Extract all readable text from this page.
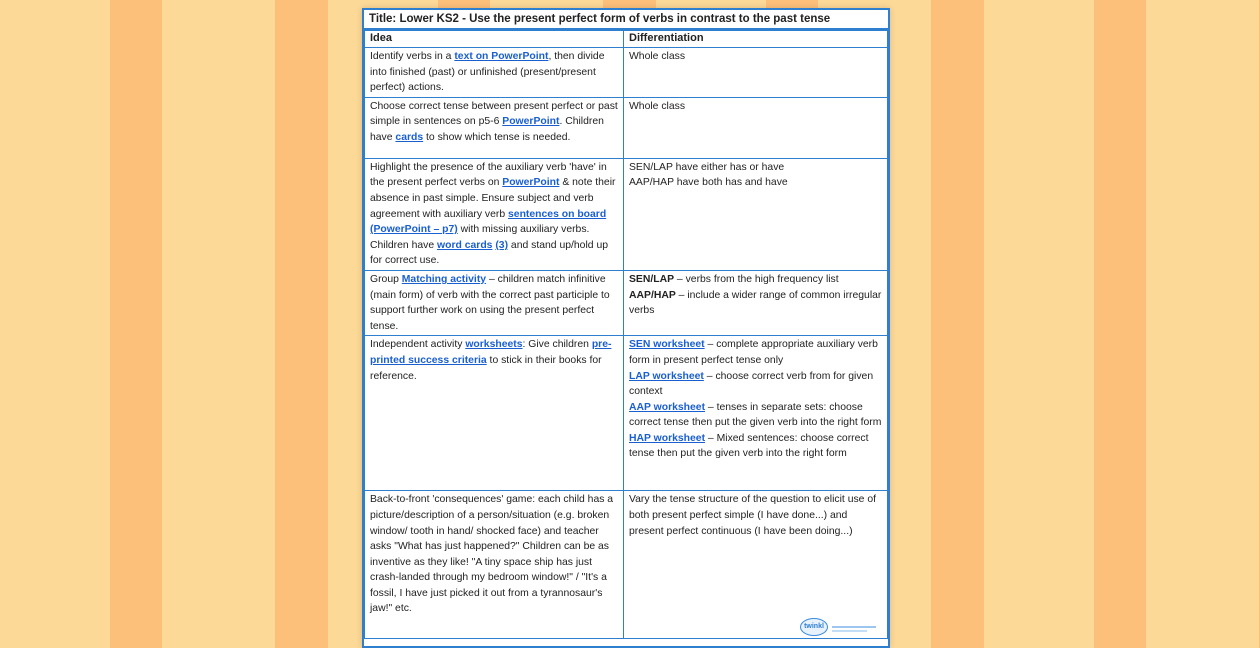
Title: Lower KS2 - Use the present perfect form of verbs in contrast to the past tense
Idea	Differentiation
Identify verbs in a text on PowerPoint, then divide into finished (past) or unfinished (present/present perfect) actions.	Whole class
Choose correct tense between present perfect or past simple in sentences on p5-6 PowerPoint. Children have cards to show which tense is needed.	Whole class
Highlight the presence of the auxiliary verb 'have' in the present perfect verbs on PowerPoint & note their absence in past simple. Ensure subject and verb agreement with auxiliary verb sentences on board (PowerPoint – p7) with missing auxiliary verbs. Children have word cards (3) and stand up/hold up for correct use.	SEN/LAP have either has or have
AAP/HAP have both has and have
Group Matching activity – children match infinitive (main form) of verb with the correct past participle to support further work on using the present perfect tense.	SEN/LAP – verbs from the high frequency list
AAP/HAP – include a wider range of common irregular verbs
Independent activity worksheets: Give children pre-printed success criteria to stick in their books for reference.	SEN worksheet – complete appropriate auxiliary verb form in present perfect tense only
LAP worksheet – choose correct verb from for given context
AAP worksheet – tenses in separate sets: choose correct tense then put the given verb into the right form
HAP worksheet – Mixed sentences: choose correct tense then put the given verb into the right form
Back-to-front 'consequences' game: each child has a picture/description of a person/situation (e.g. broken window/ tooth in hand/ shocked face) and teacher asks "What has just happened?" Children can be as inventive as they like! "A tiny space ship has just crash-landed through my bedroom window!" / "It's a fossil, I have just picked it out from a tyrannosaur's jaw!" etc.	Vary the tense structure of the question to elicit use of both present perfect simple (I have done...) and present perfect continuous (I have been doing...)
twinkl
